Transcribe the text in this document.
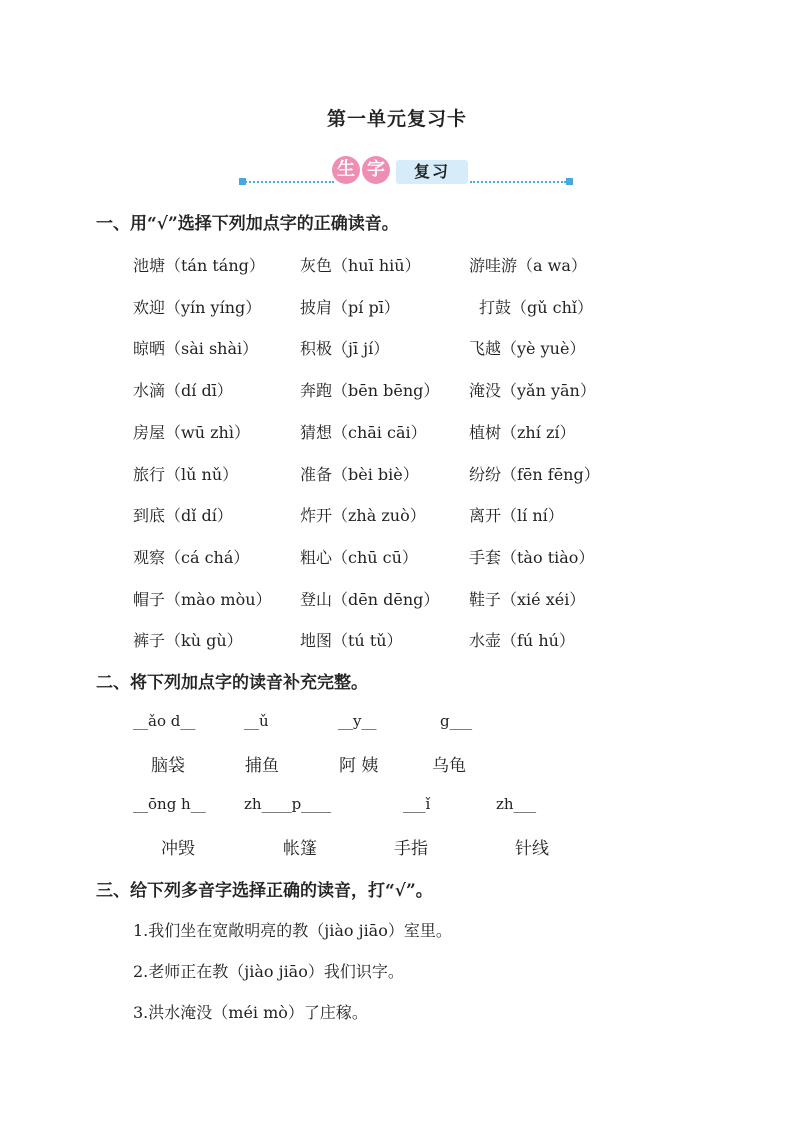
第一单元复习卡
生 字	复习
一、用“√”选择下列加点字的正确读音。
池塘（tán táng） 灰色（huī hiū）	游哇游（a wa）
欢迎（yín yíng） 披肩（pí pī）	打鼓（gǔ chǐ）
晾晒（sài shài）	积极（jī jí）	飞越（yè yuè）
水滴（dí dī）	奔跑（bēn bēng） 淹没（yǎn yān）
房屋（wū zhì）	猜想（chāi cāi）	植树（zhí zí）
旅行（lǔ nǔ）	准备（bèi biè）	纷纷（fēn fēng）
到底（dǐ dí）	炸开（zhà zuò）	离开（lí ní）
观察（cá chá）	粗心（chū cū）	手套（tào tiào）
帽子（mào mòu） 登山（dēn dēng） 鞋子（xié xéi）
裤子（kù gù）	地图（tú tǔ）	水壶（fú hú）
二、将下列加点字的读音补充完整。
__ǎo d__	__ǔ	__y__	g___
脑袋	捕鱼	阿 姨	乌龟
__ōng h__	zh____p____	___ǐ	zh___
冲毁	帐篷	手指	针线
三、给下列多音字选择正确的读音，打“√”。
1.我们坐在宽敞明亮的教（jiào jiāo）室里。
2.老师正在教（jiào jiāo）我们识字。
3.洪水淹没（méi mò）了庄稼。
